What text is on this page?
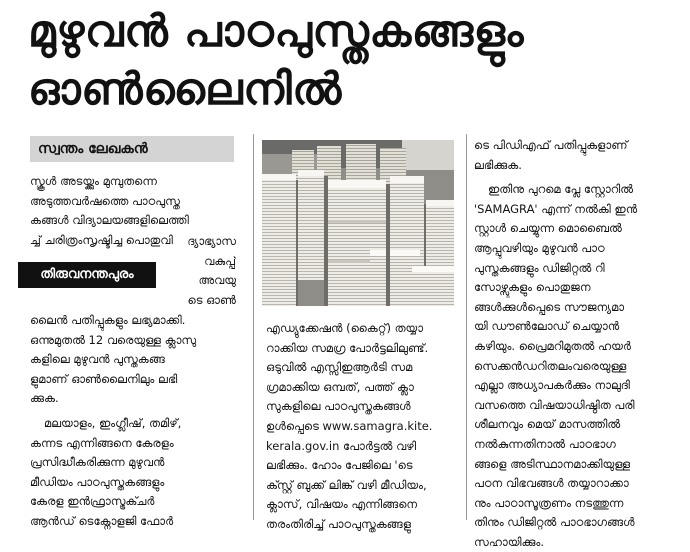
മുഴുവൻ പാഠപുസ്തകങ്ങളും
ഓൺലൈനിൽ
സ്വന്തം ലേഖകൻ

സ്കൂൾ അടയ്ക്കും മുമ്പുതന്നെ

അടുത്തവർഷത്തെ പാഠപുസ്ത

കങ്ങൾ വിദ്യാലയങ്ങളിലെത്തി

ച്ച് ചരിത്രംസൃഷ്ടിച്ച പൊതുവി	ദ്യാഭ്യാസ

വകുപ്പ്

അവയു

ടെ ഓൺ

തിരുവനന്തപുരം

ലൈൻ പതിപ്പുകളും ലഭ്യമാക്കി.

ഒന്നുമുതൽ 12 വരെയുള്ള ക്ലാസു

കളിലെ മുഴുവൻ പുസ്തകങ്ങ

ളുമാണ് ഓൺലൈനിലും ലഭി

ക്കുക.

മലയാളം, ഇംഗ്ലീഷ്, തമിഴ്,

കന്നട എന്നിങ്ങനെ കേരളം

പ്രസിദ്ധീകരിക്കുന്ന മുഴുവൻ

മീഡിയം പാഠപുസ്തകങ്ങളും

കേരള ഇൻഫ്രാസ്ട്രക്ചർ

ആൻഡ് ടെക്നോളജി ഫോർ

എഡ്യുക്കേഷൻ (കൈറ്റ്) തയ്യാ

റാക്കിയ സമഗ്ര പോർട്ടലിലുണ്ട്.

ഒടുവിൽ എസ്സിഇആർടി സമ

ഗ്രമാക്കിയ ഒമ്പത്, പത്ത് ക്ലാ

സുകളിലെ പാഠപുസ്തകങ്ങൾ

ഉൾപ്പെടെ www.samagra.kite.

kerala.gov.in പോർട്ടൽ വഴി

ലഭിക്കും. ഹോം പേജിലെ 'ടെ

ക്സ്റ്റ് ബുക്ക് ലിങ്ക് വഴി മീഡിയം,

ക്ലാസ്, വിഷയം എന്നിങ്ങനെ

തരംതിരിച്ച് പാഠപുസ്തകങ്ങളു

ടെ പിഡിഎഫ് പതിപ്പുകളാണ്

ലഭിക്കുക.

ഇതിനു പുറമെ പ്ലേ സ്റ്റോറിൽ

'SAMAGRA' എന്ന് നൽകി ഇൻ

സ്റ്റാൾ ചെയ്യുന്ന മൊബൈൽ

ആപ്പുവഴിയും മുഴുവൻ പാഠ

പുസ്തകങ്ങളും ഡിജിറ്റൽ റി

സോഴ്സുകളും പൊതുജന

ങ്ങൾക്കുൾപ്പെടെ സൗജന്യമാ

യി ഡൗൺലോഡ് ചെയ്യാൻ

കഴിയും. പ്രൈമറിമുതൽ ഹയർ

സെക്കൻഡറിതലംവരെയുള്ള

എല്ലാ അധ്യാപകർക്കും നാലുദി

വസത്തെ വിഷയാധിഷ്ഠിത പരി

ശീലനവും മെയ് മാസത്തിൽ

നൽകുന്നതിനാൽ പാഠഭാഗ

ങ്ങളെ അടിസ്ഥാനമാക്കിയുള്ള

പഠന വിഭവങ്ങൾ തയ്യാറാക്കാ

നും പാഠാസൂത്രണം നടത്തുന്ന

തിനും ഡിജിറ്റൽ പാഠഭാഗങ്ങൾ

സഹായിക്കും.
